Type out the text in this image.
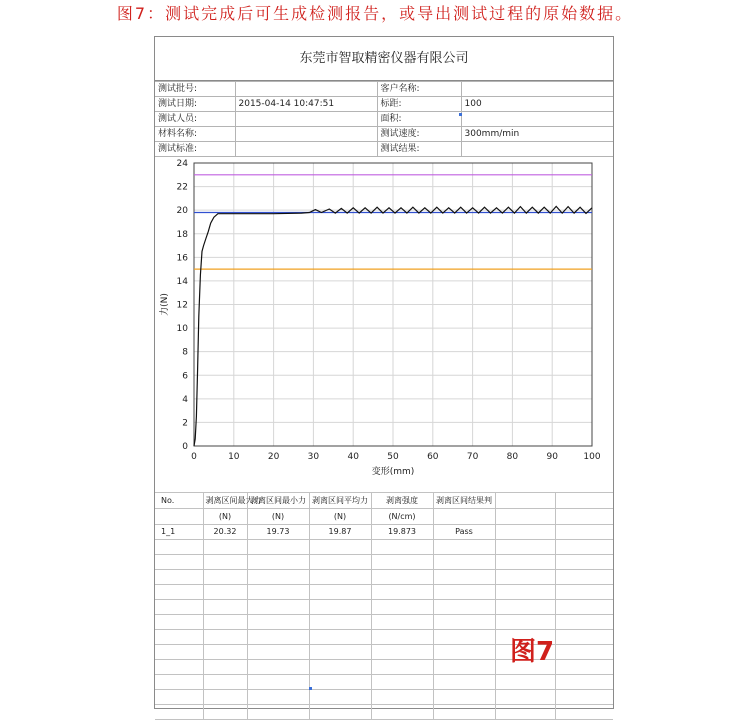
图7：测试完成后可生成检测报告，或导出测试过程的原始数据。
东莞市智取精密仪器有限公司
测试批号:		客户名称:	
测试日期:	2015-04-14 10:47:51	标距:	100
测试人员:		面积:	
材料名称:		测试速度:	300mm/min
测试标准:		测试结果:	
0	10	20	30	40	50	60	70	80	90	100
0
2
4
6
8
10
12
14
16
18
20
22
24
变形(mm)
力(N)
No.	剥离区间最大力	剥离区间最小力	剥离区间平均力	剥离强度	剥离区间结果判		
	(N)	(N)	(N)	(N/cm)			
1_1	20.32	19.73	19.87	19.873	Pass		

图7
